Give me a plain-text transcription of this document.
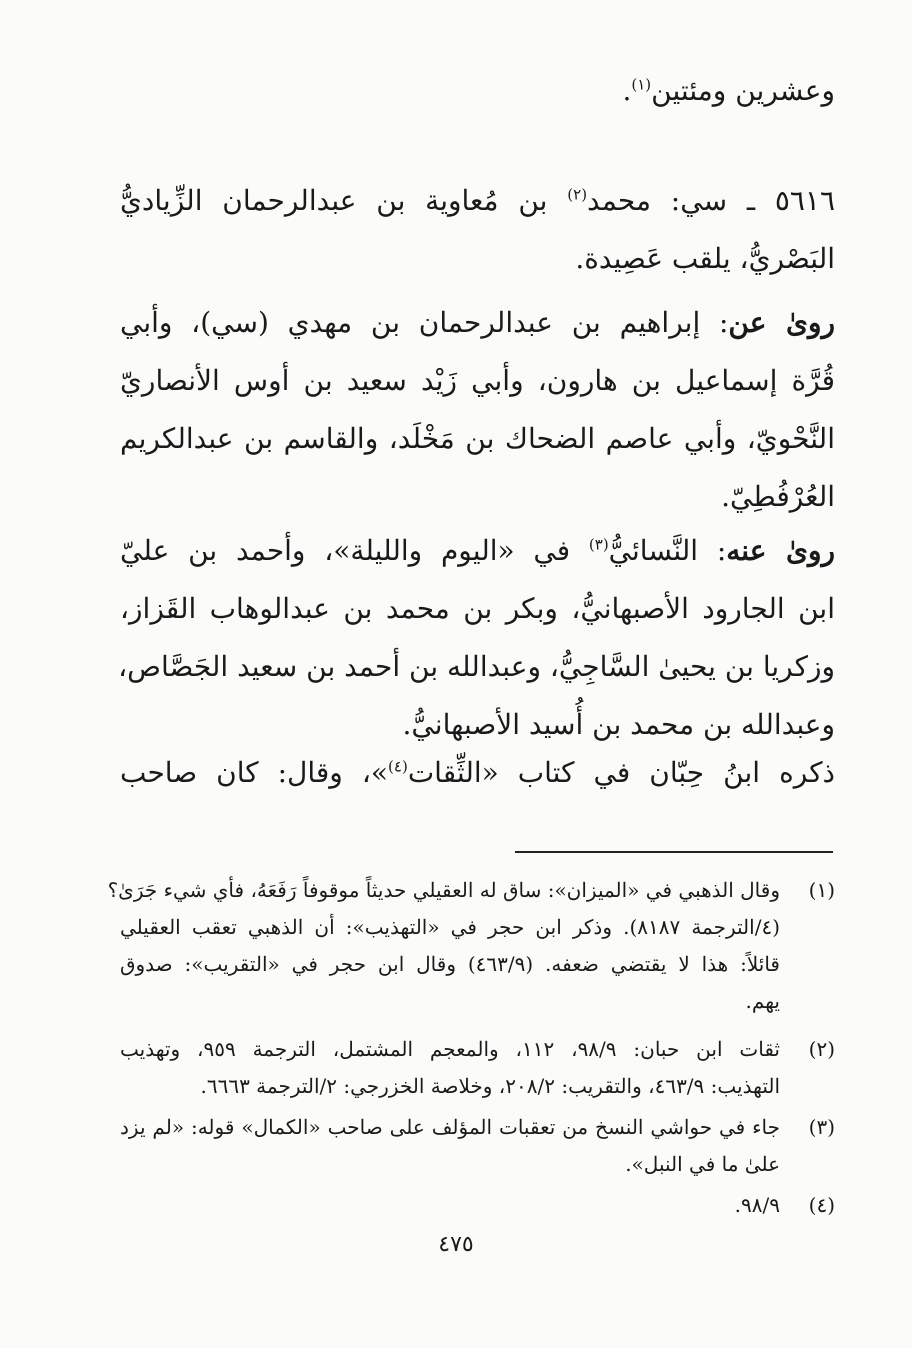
وعشرين ومئتين$^{(١)}$.
٥٦١٦ ـ سي: محمد$^{(٢)}$ بن مُعاوية بن عبدالرحمان الزِّياديُّ
البَصْريُّ، يلقب عَصِيدة.
روىٰ عن: إبراهيم بن عبدالرحمان بن مهدي (سي)، وأبي
قُرَّة إسماعيل بن هارون، وأبي زَيْد سعيد بن أوس الأنصاريّ
النَّحْويّ، وأبي عاصم الضحاك بن مَخْلَد، والقاسم بن عبدالكريم
العُرْفُطِيّ.
روىٰ عنه: النَّسائيُّ$^{(٣)}$ في «اليوم والليلة»، وأحمد بن عليّ
ابن الجارود الأصبهانيُّ، وبكر بن محمد بن عبدالوهاب القَزاز،
وزكريا بن يحيىٰ السَّاجِيُّ، وعبدالله بن أحمد بن سعيد الجَصَّاص،
وعبدالله بن محمد بن أُسيد الأصبهانيُّ.
ذكره ابنُ حِبّان في كتاب «الثِّقات$^{(٤)}$»، وقال: كان صاحب
(١)
وقال الذهبي في «الميزان»: ساق له العقيلي حديثاً موقوفاً رَفَعَهُ، فأي شيء جَرَىٰ؟
(٤/الترجمة ٨١٨٧). وذكر ابن حجر في «التهذيب»: أن الذهبي تعقب العقيلي
قائلاً: هذا لا يقتضي ضعفه. (٤٦٣/٩) وقال ابن حجر في «التقريب»: صدوق
يهم.
(٢)
ثقات ابن حبان: ٩٨/٩، ١١٢، والمعجم المشتمل، الترجمة ٩٥٩، وتهذيب
التهذيب: ٤٦٣/٩، والتقريب: ٢٠٨/٢، وخلاصة الخزرجي: ٢/الترجمة ٦٦٦٣.
(٣)
جاء في حواشي النسخ من تعقبات المؤلف على صاحب «الكمال» قوله: «لم يزد
علىٰ ما في النبل».
(٤)
٩٨/٩.
٤٧٥
